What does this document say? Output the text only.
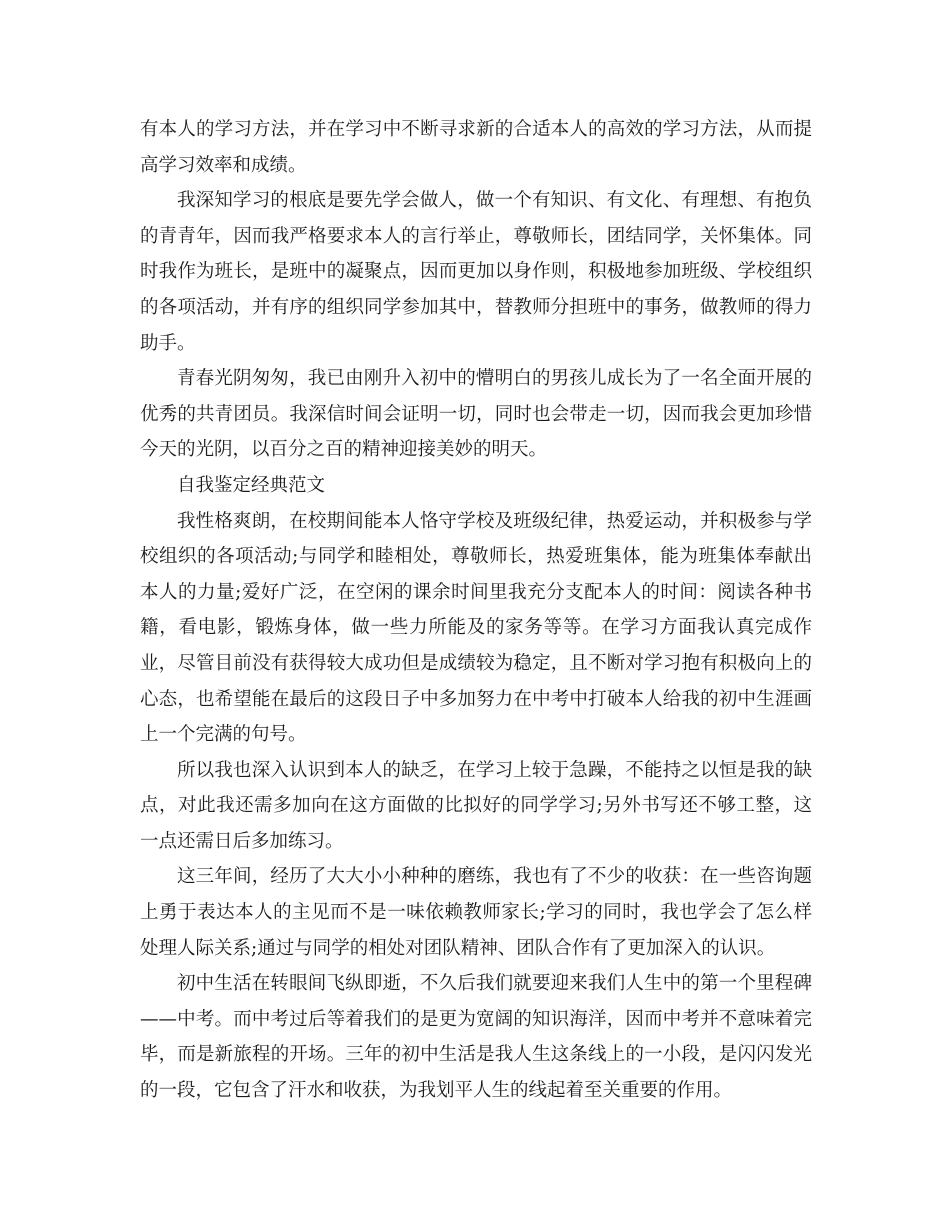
有本人的学习方法，并在学习中不断寻求新的合适本人的高效的学习方法，从而提高学习效率和成绩。

我深知学习的根底是要先学会做人，做一个有知识、有文化、有理想、有抱负的青青年，因而我严格要求本人的言行举止，尊敬师长，团结同学，关怀集体。同时我作为班长，是班中的凝聚点，因而更加以身作则，积极地参加班级、学校组织的各项活动，并有序的组织同学参加其中，替教师分担班中的事务，做教师的得力助手。

青春光阴匆匆，我已由刚升入初中的懵明白的男孩儿成长为了一名全面开展的优秀的共青团员。我深信时间会证明一切，同时也会带走一切，因而我会更加珍惜今天的光阴，以百分之百的精神迎接美妙的明天。

自我鉴定经典范文

我性格爽朗，在校期间能本人恪守学校及班级纪律，热爱运动，并积极参与学校组织的各项活动;与同学和睦相处，尊敬师长，热爱班集体，能为班集体奉献出本人的力量;爱好广泛，在空闲的课余时间里我充分支配本人的时间：阅读各种书籍，看电影，锻炼身体，做一些力所能及的家务等等。在学习方面我认真完成作业，尽管目前没有获得较大成功但是成绩较为稳定，且不断对学习抱有积极向上的心态，也希望能在最后的这段日子中多加努力在中考中打破本人给我的初中生涯画上一个完满的句号。

所以我也深入认识到本人的缺乏，在学习上较于急躁，不能持之以恒是我的缺点，对此我还需多加向在这方面做的比拟好的同学学习;另外书写还不够工整，这一点还需日后多加练习。

这三年间，经历了大大小小种种的磨练，我也有了不少的收获：在一些咨询题上勇于表达本人的主见而不是一味依赖教师家长;学习的同时，我也学会了怎么样处理人际关系;通过与同学的相处对团队精神、团队合作有了更加深入的认识。

初中生活在转眼间飞纵即逝，不久后我们就要迎来我们人生中的第一个里程碑——中考。而中考过后等着我们的是更为宽阔的知识海洋，因而中考并不意味着完毕，而是新旅程的开场。三年的初中生活是我人生这条线上的一小段，是闪闪发光的一段，它包含了汗水和收获，为我划平人生的线起着至关重要的作用。
